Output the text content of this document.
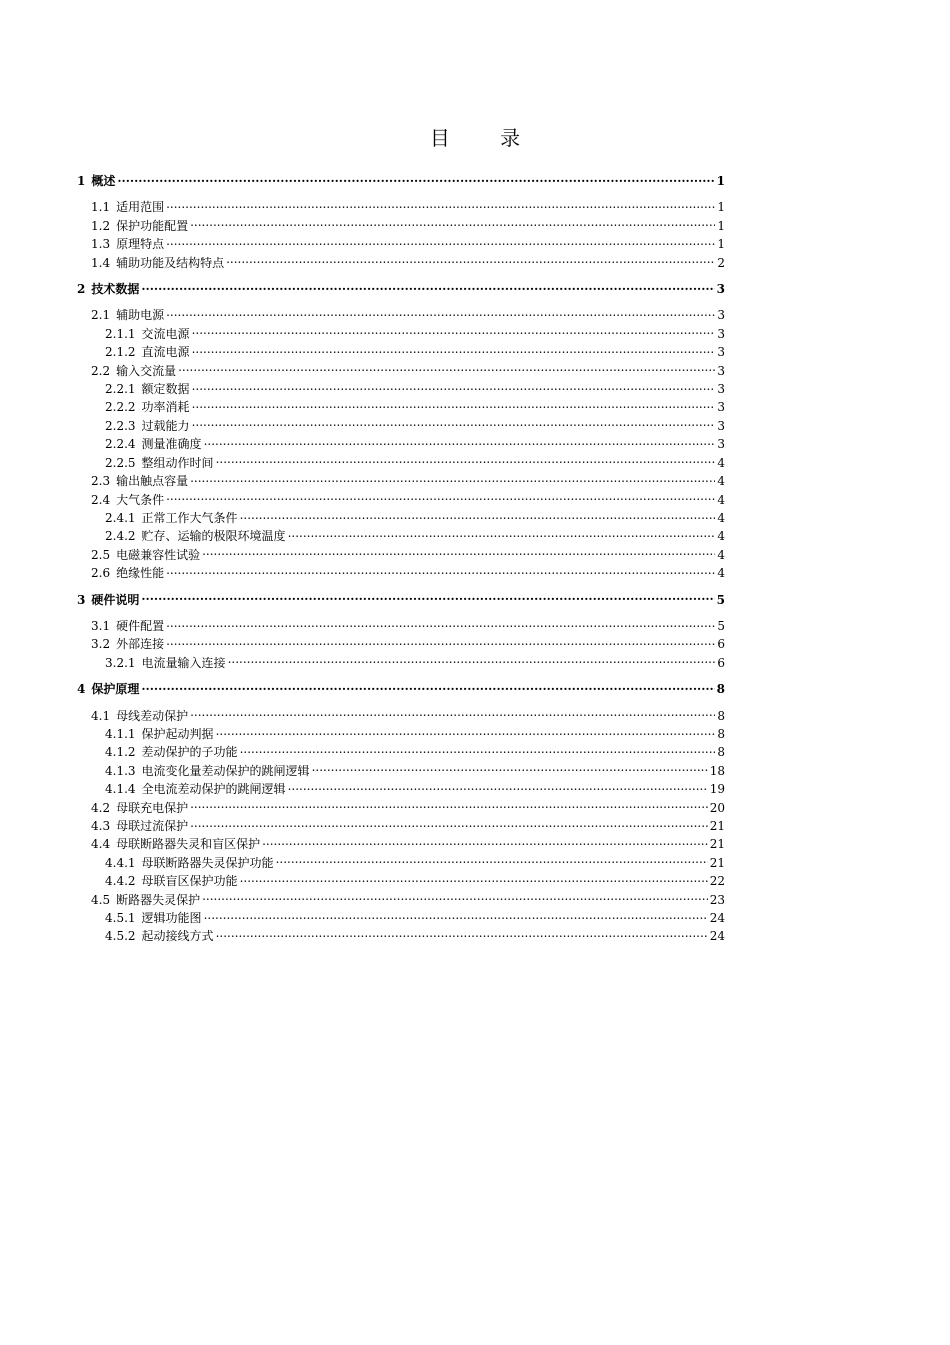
目 录
1 概述 .....	1
1.1 适用范围 .....	1
1.2 保护功能配置 .....	1
1.3 原理特点 .....	1
1.4 辅助功能及结构特点 .....	2
2 技术数据 .....	3
2.1 辅助电源 .....	3
2.1.1 交流电源 .....	3
2.1.2 直流电源 .....	3
2.2 输入交流量 .....	3
2.2.1 额定数据 .....	3
2.2.2 功率消耗 .....	3
2.2.3 过载能力 .....	3
2.2.4 测量准确度 .....	3
2.2.5 整组动作时间 .....	4
2.3 输出触点容量 .....	4
2.4 大气条件 .....	4
2.4.1 正常工作大气条件 .....	4
2.4.2 贮存、运输的极限环境温度 .....	4
2.5 电磁兼容性试验 .....	4
2.6 绝缘性能 .....	4
3 硬件说明 .....	5
3.1 硬件配置 .....	5
3.2 外部连接 .....	6
3.2.1 电流量输入连接 .....	6
4 保护原理 .....	8
4.1 母线差动保护 .....	8
4.1.1 保护起动判据 .....	8
4.1.2 差动保护的子功能 .....	8
4.1.3 电流变化量差动保护的跳闸逻辑 .....	18
4.1.4 全电流差动保护的跳闸逻辑 .....	19
4.2 母联充电保护 .....	20
4.3 母联过流保护 .....	21
4.4 母联断路器失灵和盲区保护 .....	21
4.4.1 母联断路器失灵保护功能 .....	21
4.4.2 母联盲区保护功能 .....	22
4.5 断路器失灵保护 .....	23
4.5.1 逻辑功能图 .....	24
4.5.2 起动接线方式 .....	24
